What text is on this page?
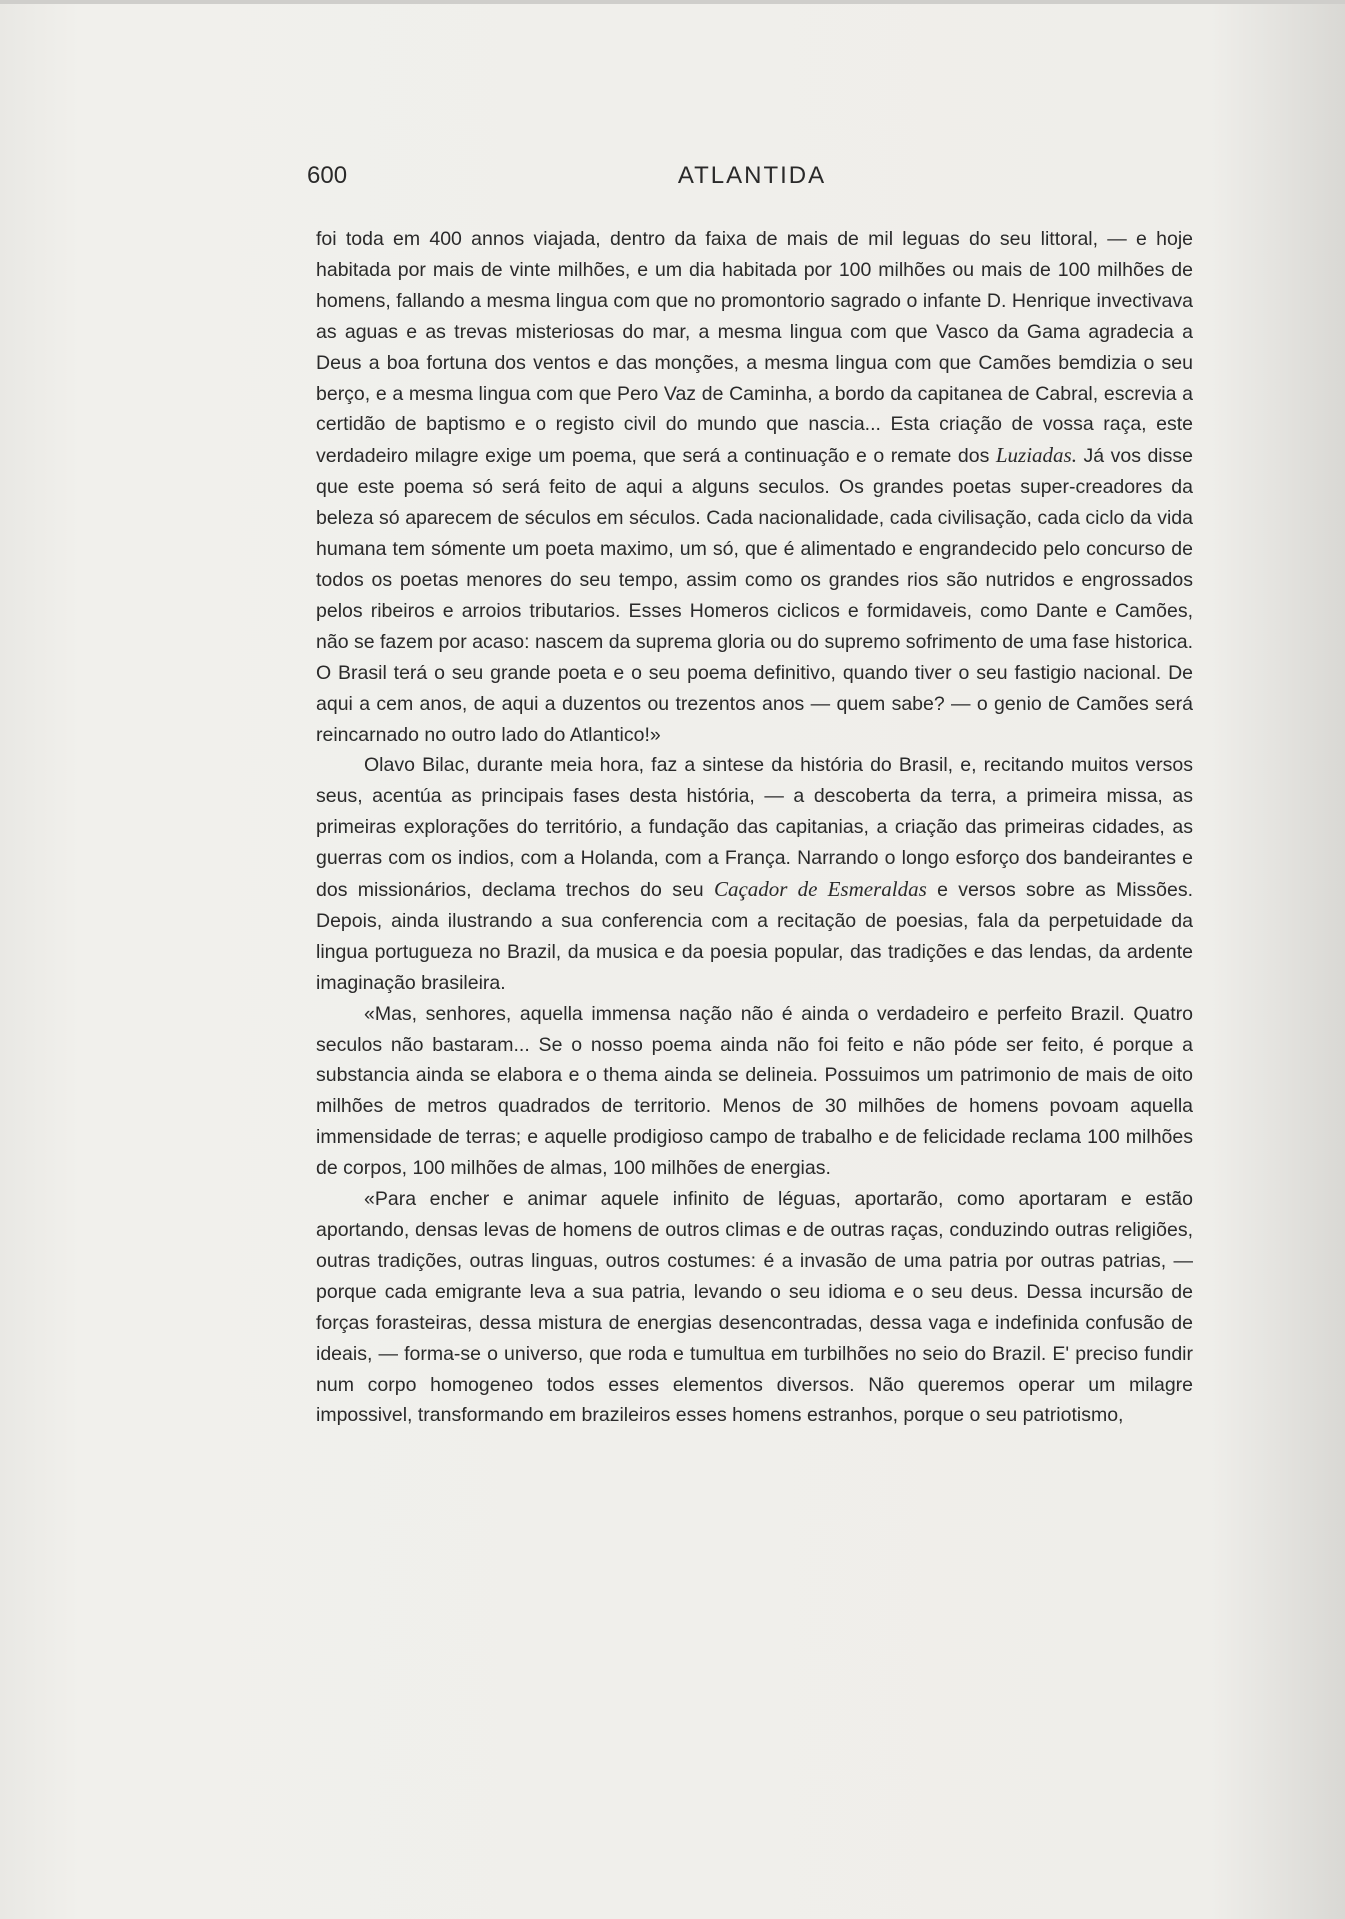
600	ATLANTIDA

foi toda em 400 annos viajada, dentro da faixa de mais de mil leguas do seu littoral, — e hoje habitada por mais de vinte milhões, e um dia habitada por 100 milhões ou mais de 100 milhões de homens, fallando a mesma lingua com que no promontorio sagrado o infante D. Henrique invectivava as aguas e as trevas misteriosas do mar, a mesma lingua com que Vasco da Gama agradecia a Deus a boa fortuna dos ventos e das monções, a mesma lingua com que Camões bemdizia o seu berço, e a mesma lingua com que Pero Vaz de Caminha, a bordo da capitanea de Cabral, escrevia a certidão de baptismo e o registo civil do mundo que nascia... Esta criação de vossa raça, este verdadeiro milagre exige um poema, que será a continuação e o remate dos Luziadas. Já vos disse que este poema só será feito de aqui a alguns seculos. Os grandes poetas super-creadores da beleza só aparecem de séculos em séculos. Cada nacionalidade, cada civilisação, cada ciclo da vida humana tem sómente um poeta maximo, um só, que é alimentado e engrandecido pelo concurso de todos os poetas menores do seu tempo, assim como os grandes rios são nutridos e engrossados pelos ribeiros e arroios tributarios. Esses Homeros ciclicos e formidaveis, como Dante e Camões, não se fazem por acaso: nascem da suprema gloria ou do supremo sofrimento de uma fase historica. O Brasil terá o seu grande poeta e o seu poema definitivo, quando tiver o seu fastigio nacional. De aqui a cem anos, de aqui a duzentos ou trezentos anos — quem sabe? — o genio de Camões será reincarnado no outro lado do Atlantico!»

Olavo Bilac, durante meia hora, faz a sintese da história do Brasil, e, recitando muitos versos seus, acentúa as principais fases desta história, — a descoberta da terra, a primeira missa, as primeiras explorações do território, a fundação das capitanias, a criação das primeiras cidades, as guerras com os indios, com a Holanda, com a França. Narrando o longo esforço dos bandeirantes e dos missionários, declama trechos do seu Caçador de Esmeraldas e versos sobre as Missões. Depois, ainda ilustrando a sua conferencia com a recitação de poesias, fala da perpetuidade da lingua portugueza no Brazil, da musica e da poesia popular, das tradições e das lendas, da ardente imaginação brasileira.

«Mas, senhores, aquella immensa nação não é ainda o verdadeiro e perfeito Brazil. Quatro seculos não bastaram... Se o nosso poema ainda não foi feito e não póde ser feito, é porque a substancia ainda se elabora e o thema ainda se delineia. Possuimos um patrimonio de mais de oito milhões de metros quadrados de territorio. Menos de 30 milhões de homens povoam aquella immensidade de terras; e aquelle prodigioso campo de trabalho e de felicidade reclama 100 milhões de corpos, 100 milhões de almas, 100 milhões de energias.

«Para encher e animar aquele infinito de léguas, aportarão, como aportaram e estão aportando, densas levas de homens de outros climas e de outras raças, conduzindo outras religiões, outras tradições, outras linguas, outros costumes: é a invasão de uma patria por outras patrias, — porque cada emigrante leva a sua patria, levando o seu idioma e o seu deus. Dessa incursão de forças forasteiras, dessa mistura de energias desencontradas, dessa vaga e indefinida confusão de ideais, — forma-se o universo, que roda e tumultua em turbilhões no seio do Brazil. E' preciso fundir num corpo homogeneo todos esses elementos diversos. Não queremos operar um milagre impossivel, transformando em brazileiros esses homens estranhos, porque o seu patriotismo,
